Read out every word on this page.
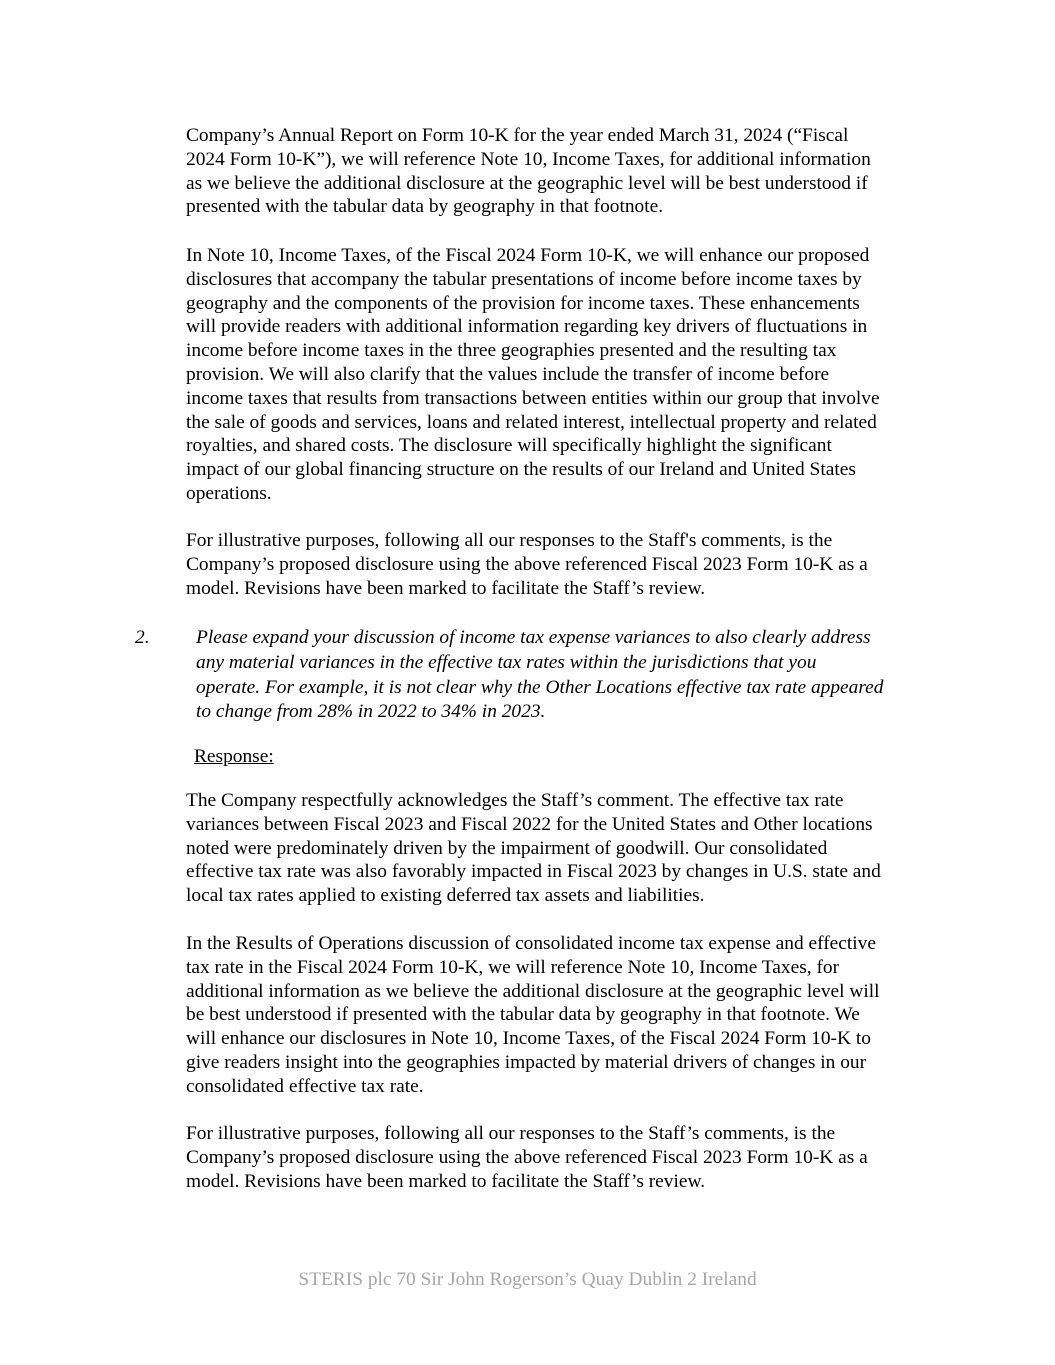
Company’s Annual Report on Form 10-K for the year ended March 31, 2024 (“Fiscal
2024 Form 10-K”), we will reference Note 10, Income Taxes, for additional information
as we believe the additional disclosure at the geographic level will be best understood if
presented with the tabular data by geography in that footnote.

In Note 10, Income Taxes, of the Fiscal 2024 Form 10-K, we will enhance our proposed
disclosures that accompany the tabular presentations of income before income taxes by
geography and the components of the provision for income taxes. These enhancements
will provide readers with additional information regarding key drivers of fluctuations in
income before income taxes in the three geographies presented and the resulting tax
provision. We will also clarify that the values include the transfer of income before
income taxes that results from transactions between entities within our group that involve
the sale of goods and services, loans and related interest, intellectual property and related
royalties, and shared costs. The disclosure will specifically highlight the significant
impact of our global financing structure on the results of our Ireland and United States
operations.

For illustrative purposes, following all our responses to the Staff's comments, is the
Company’s proposed disclosure using the above referenced Fiscal 2023 Form 10-K as a
model. Revisions have been marked to facilitate the Staff’s review.

2. Please expand your discussion of income tax expense variances to also clearly address
any material variances in the effective tax rates within the jurisdictions that you
operate. For example, it is not clear why the Other Locations effective tax rate appeared
to change from 28% in 2022 to 34% in 2023.

Response:

The Company respectfully acknowledges the Staff’s comment. The effective tax rate
variances between Fiscal 2023 and Fiscal 2022 for the United States and Other locations
noted were predominately driven by the impairment of goodwill. Our consolidated
effective tax rate was also favorably impacted in Fiscal 2023 by changes in U.S. state and
local tax rates applied to existing deferred tax assets and liabilities.

In the Results of Operations discussion of consolidated income tax expense and effective
tax rate in the Fiscal 2024 Form 10-K, we will reference Note 10, Income Taxes, for
additional information as we believe the additional disclosure at the geographic level will
be best understood if presented with the tabular data by geography in that footnote. We
will enhance our disclosures in Note 10, Income Taxes, of the Fiscal 2024 Form 10-K to
give readers insight into the geographies impacted by material drivers of changes in our
consolidated effective tax rate.

For illustrative purposes, following all our responses to the Staff’s comments, is the
Company’s proposed disclosure using the above referenced Fiscal 2023 Form 10-K as a
model. Revisions have been marked to facilitate the Staff’s review.

STERIS plc 70 Sir John Rogerson’s Quay Dublin 2 Ireland
